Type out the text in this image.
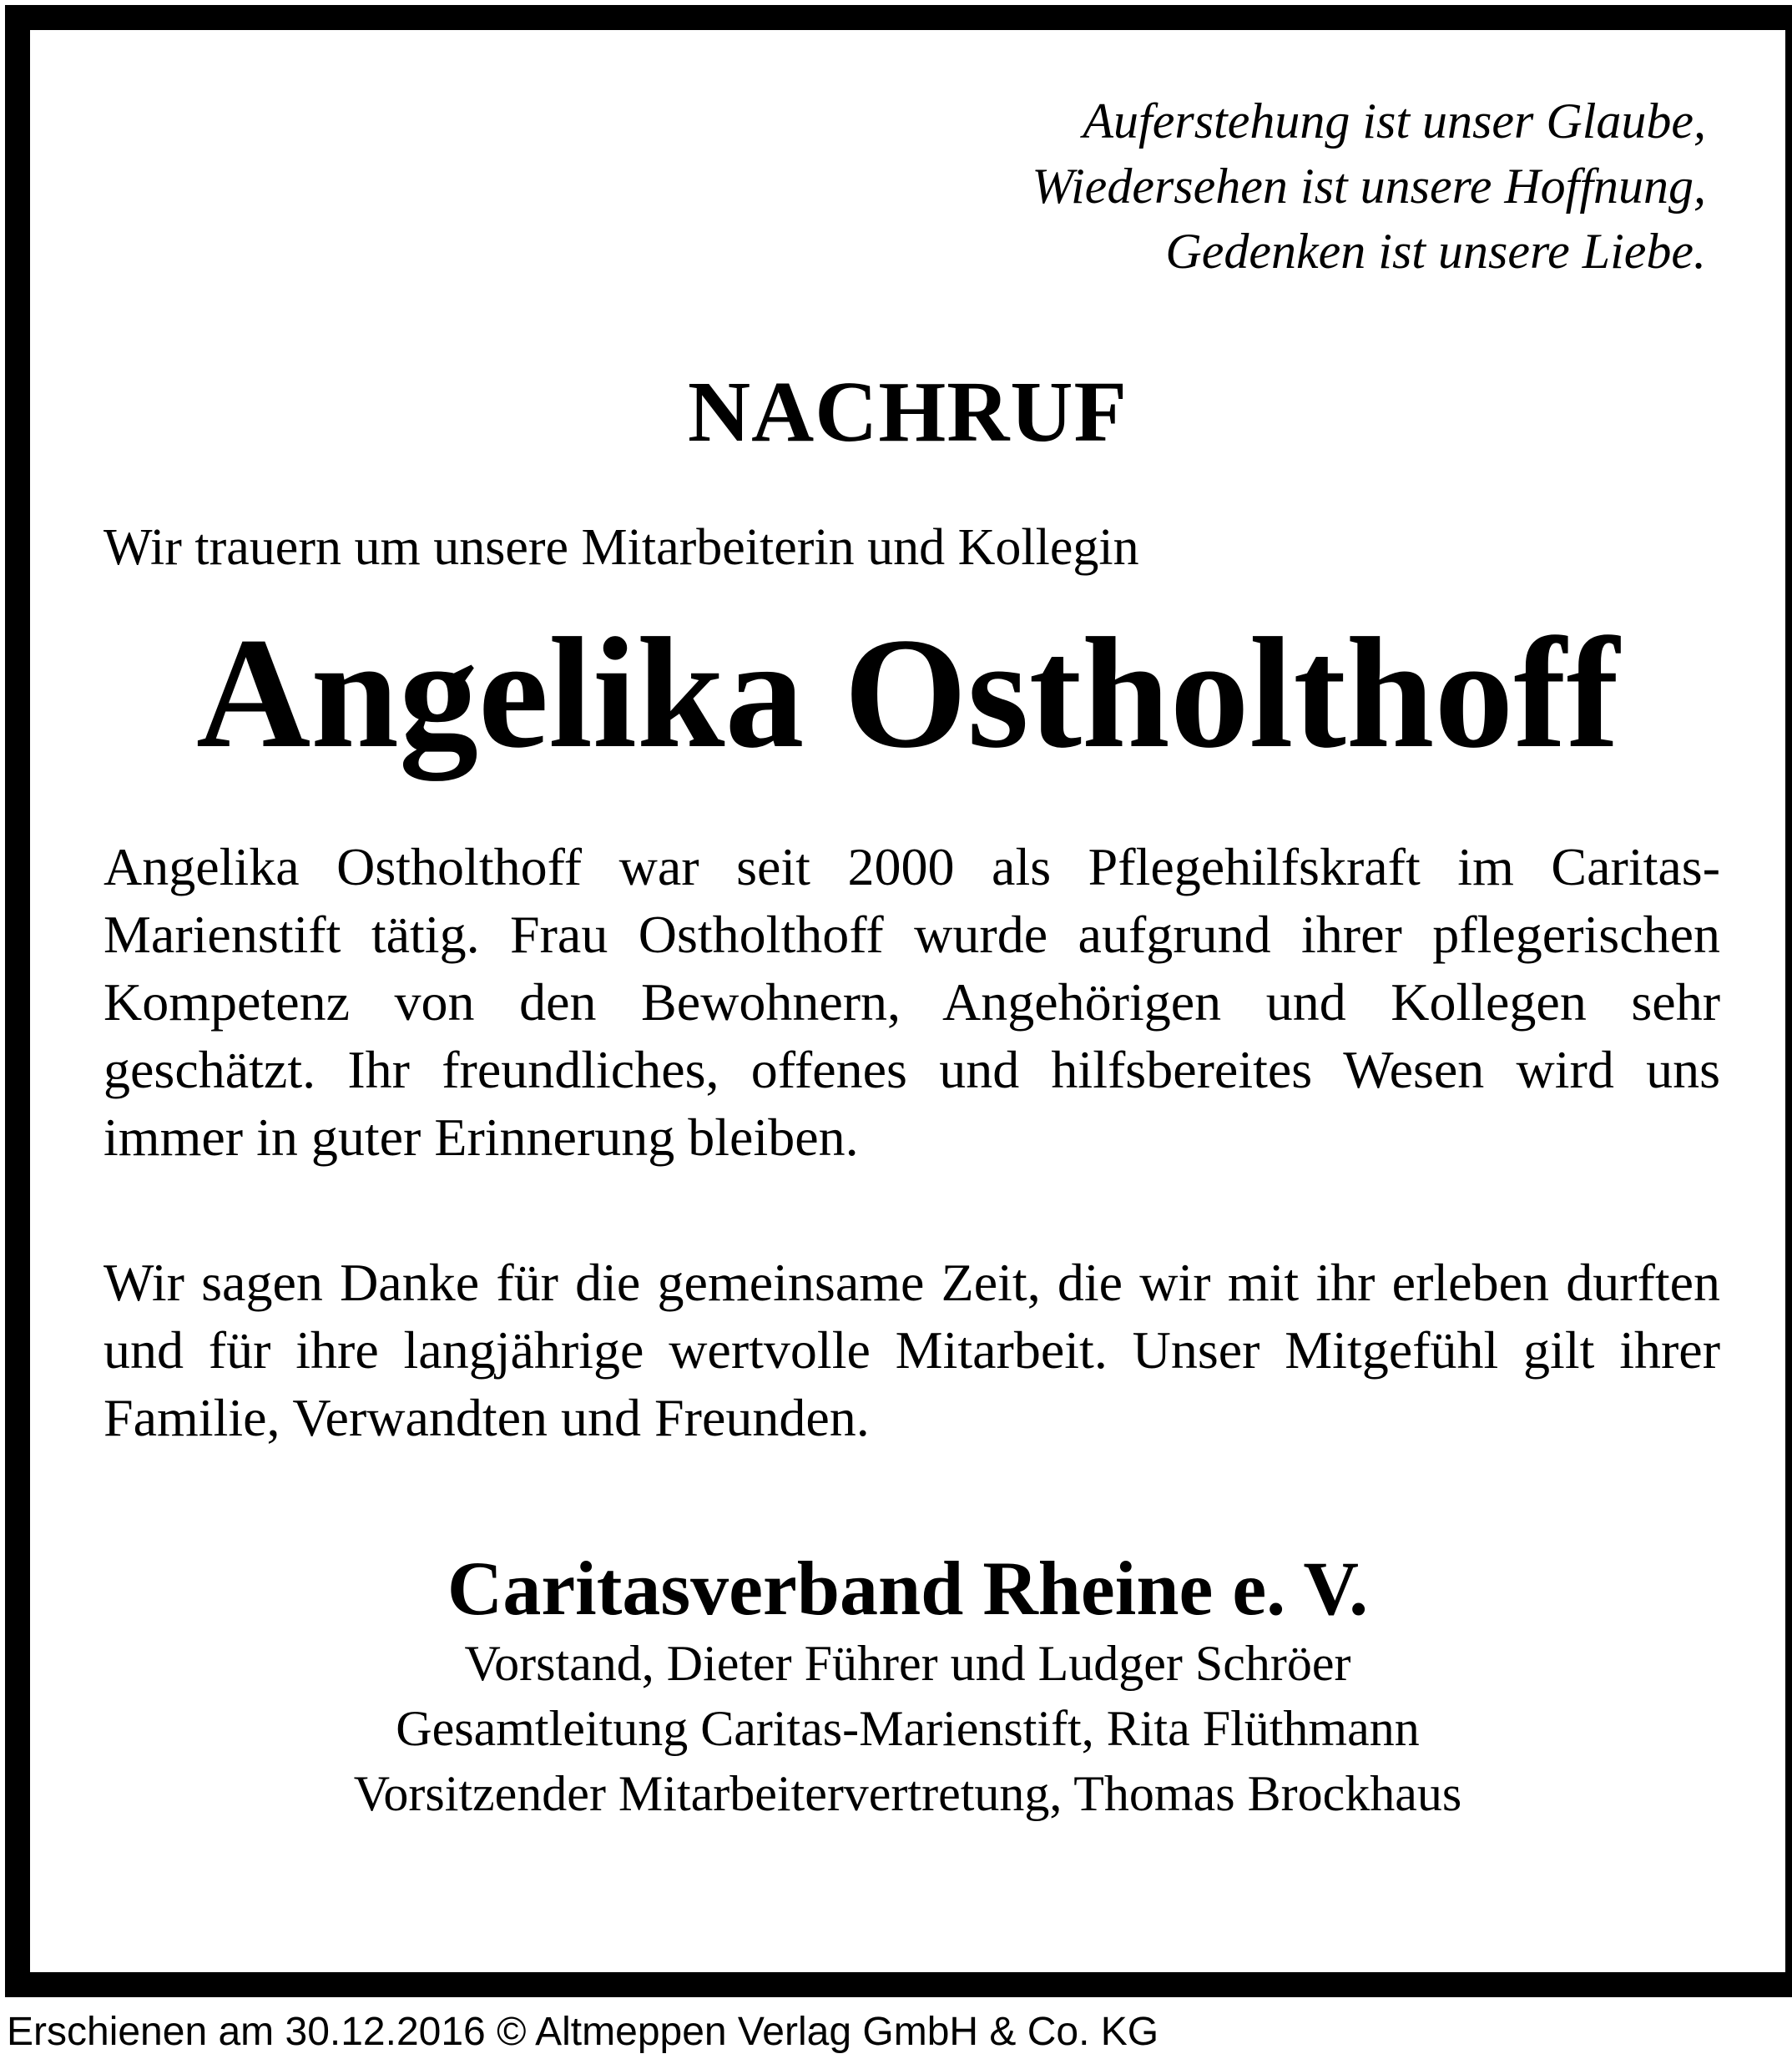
Auferstehung ist unser Glaube,
Wiedersehen ist unsere Hoffnung,
Gedenken ist unsere Liebe.
NACHRUF
Wir trauern um unsere Mitarbeiterin und Kollegin
Angelika Ostholthoff
Angelika Ostholthoff war seit 2000 als Pflegehilfskraft im Caritas-Marienstift tätig. Frau Ostholthoff wurde aufgrund ihrer pflegerischen Kompetenz von den Bewohnern, Angehörigen und Kollegen sehr geschätzt. Ihr freundliches, offenes und hilfsbereites Wesen wird uns immer in guter Erinnerung bleiben.
Wir sagen Danke für die gemeinsame Zeit, die wir mit ihr erleben durften und für ihre langjährige wertvolle Mitarbeit. Unser Mitgefühl gilt ihrer Familie, Verwandten und Freunden.
Caritasverband Rheine e. V.
Vorstand, Dieter Führer und Ludger Schröer
Gesamtleitung Caritas-Marienstift, Rita Flüthmann
Vorsitzender Mitarbeitervertretung, Thomas Brockhaus
Erschienen am 30.12.2016 © Altmeppen Verlag GmbH & Co. KG
